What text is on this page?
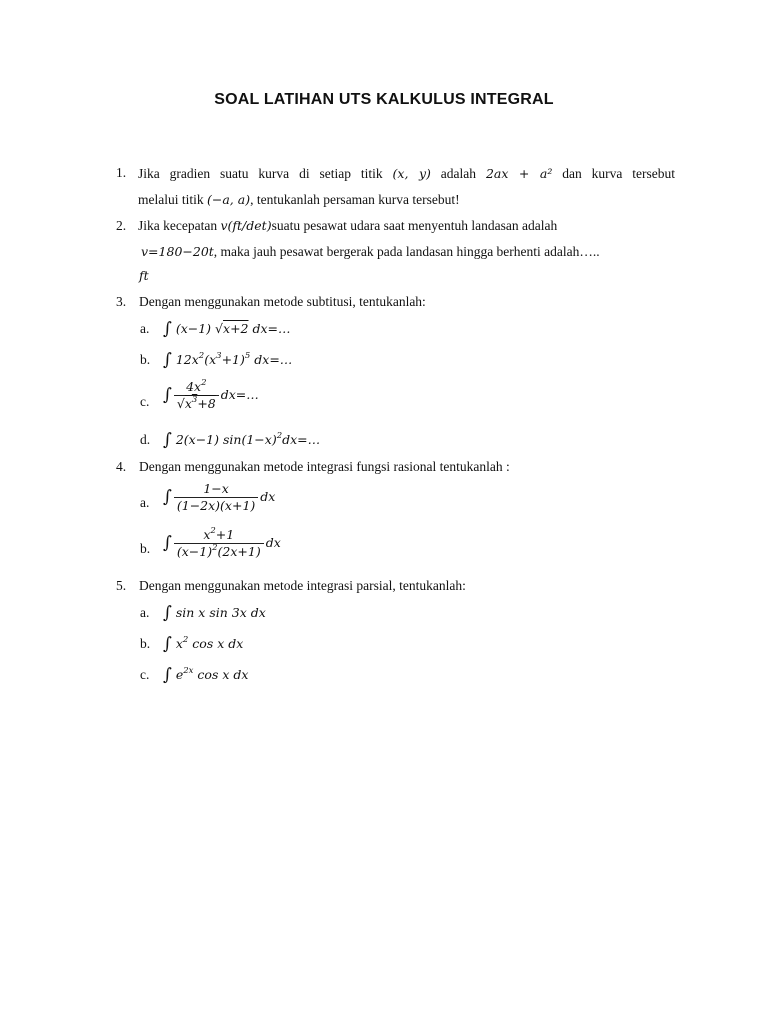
SOAL LATIHAN UTS KALKULUS INTEGRAL
1. Jika gradien suatu kurva di setiap titik (x, y) adalah 2ax + a² dan kurva tersebut
melalui titik (−a, a), tentukanlah persaman kurva tersebut!
2. Jika kecepatan v(ft/det)suatu pesawat udara saat menyentuh landasan adalah
v=180−20t, maka jauh pesawat bergerak pada landasan hingga berhenti adalah…..
ft
3. Dengan menggunakan metode subtitusi, tentukanlah:
a. ∫ (x−1) √x+2 dx=…
b. ∫ $12x^2(x^3+1)^5$ dx=…
c. ∫ $\frac{4x^2}{√x^3+8}$ dx=…
d. ∫ 2(x−1) $\sin(1-x)^2dx=\dots$
4. Dengan menggunakan metode integrasi fungsi rasional tentukanlah :
a. ∫ $\frac{1-x}{(1-2x)(x+1)}$ dx
b. ∫ $\frac{x^2+1}{(x-1)^2(2x+1)}$ dx
5. Dengan menggunakan metode integrasi parsial, tentukanlah:
a. ∫ sin x sin 3x dx
b. ∫ $x^2$ cos x dx
c. ∫ $e^{2x}$ cos x dx
